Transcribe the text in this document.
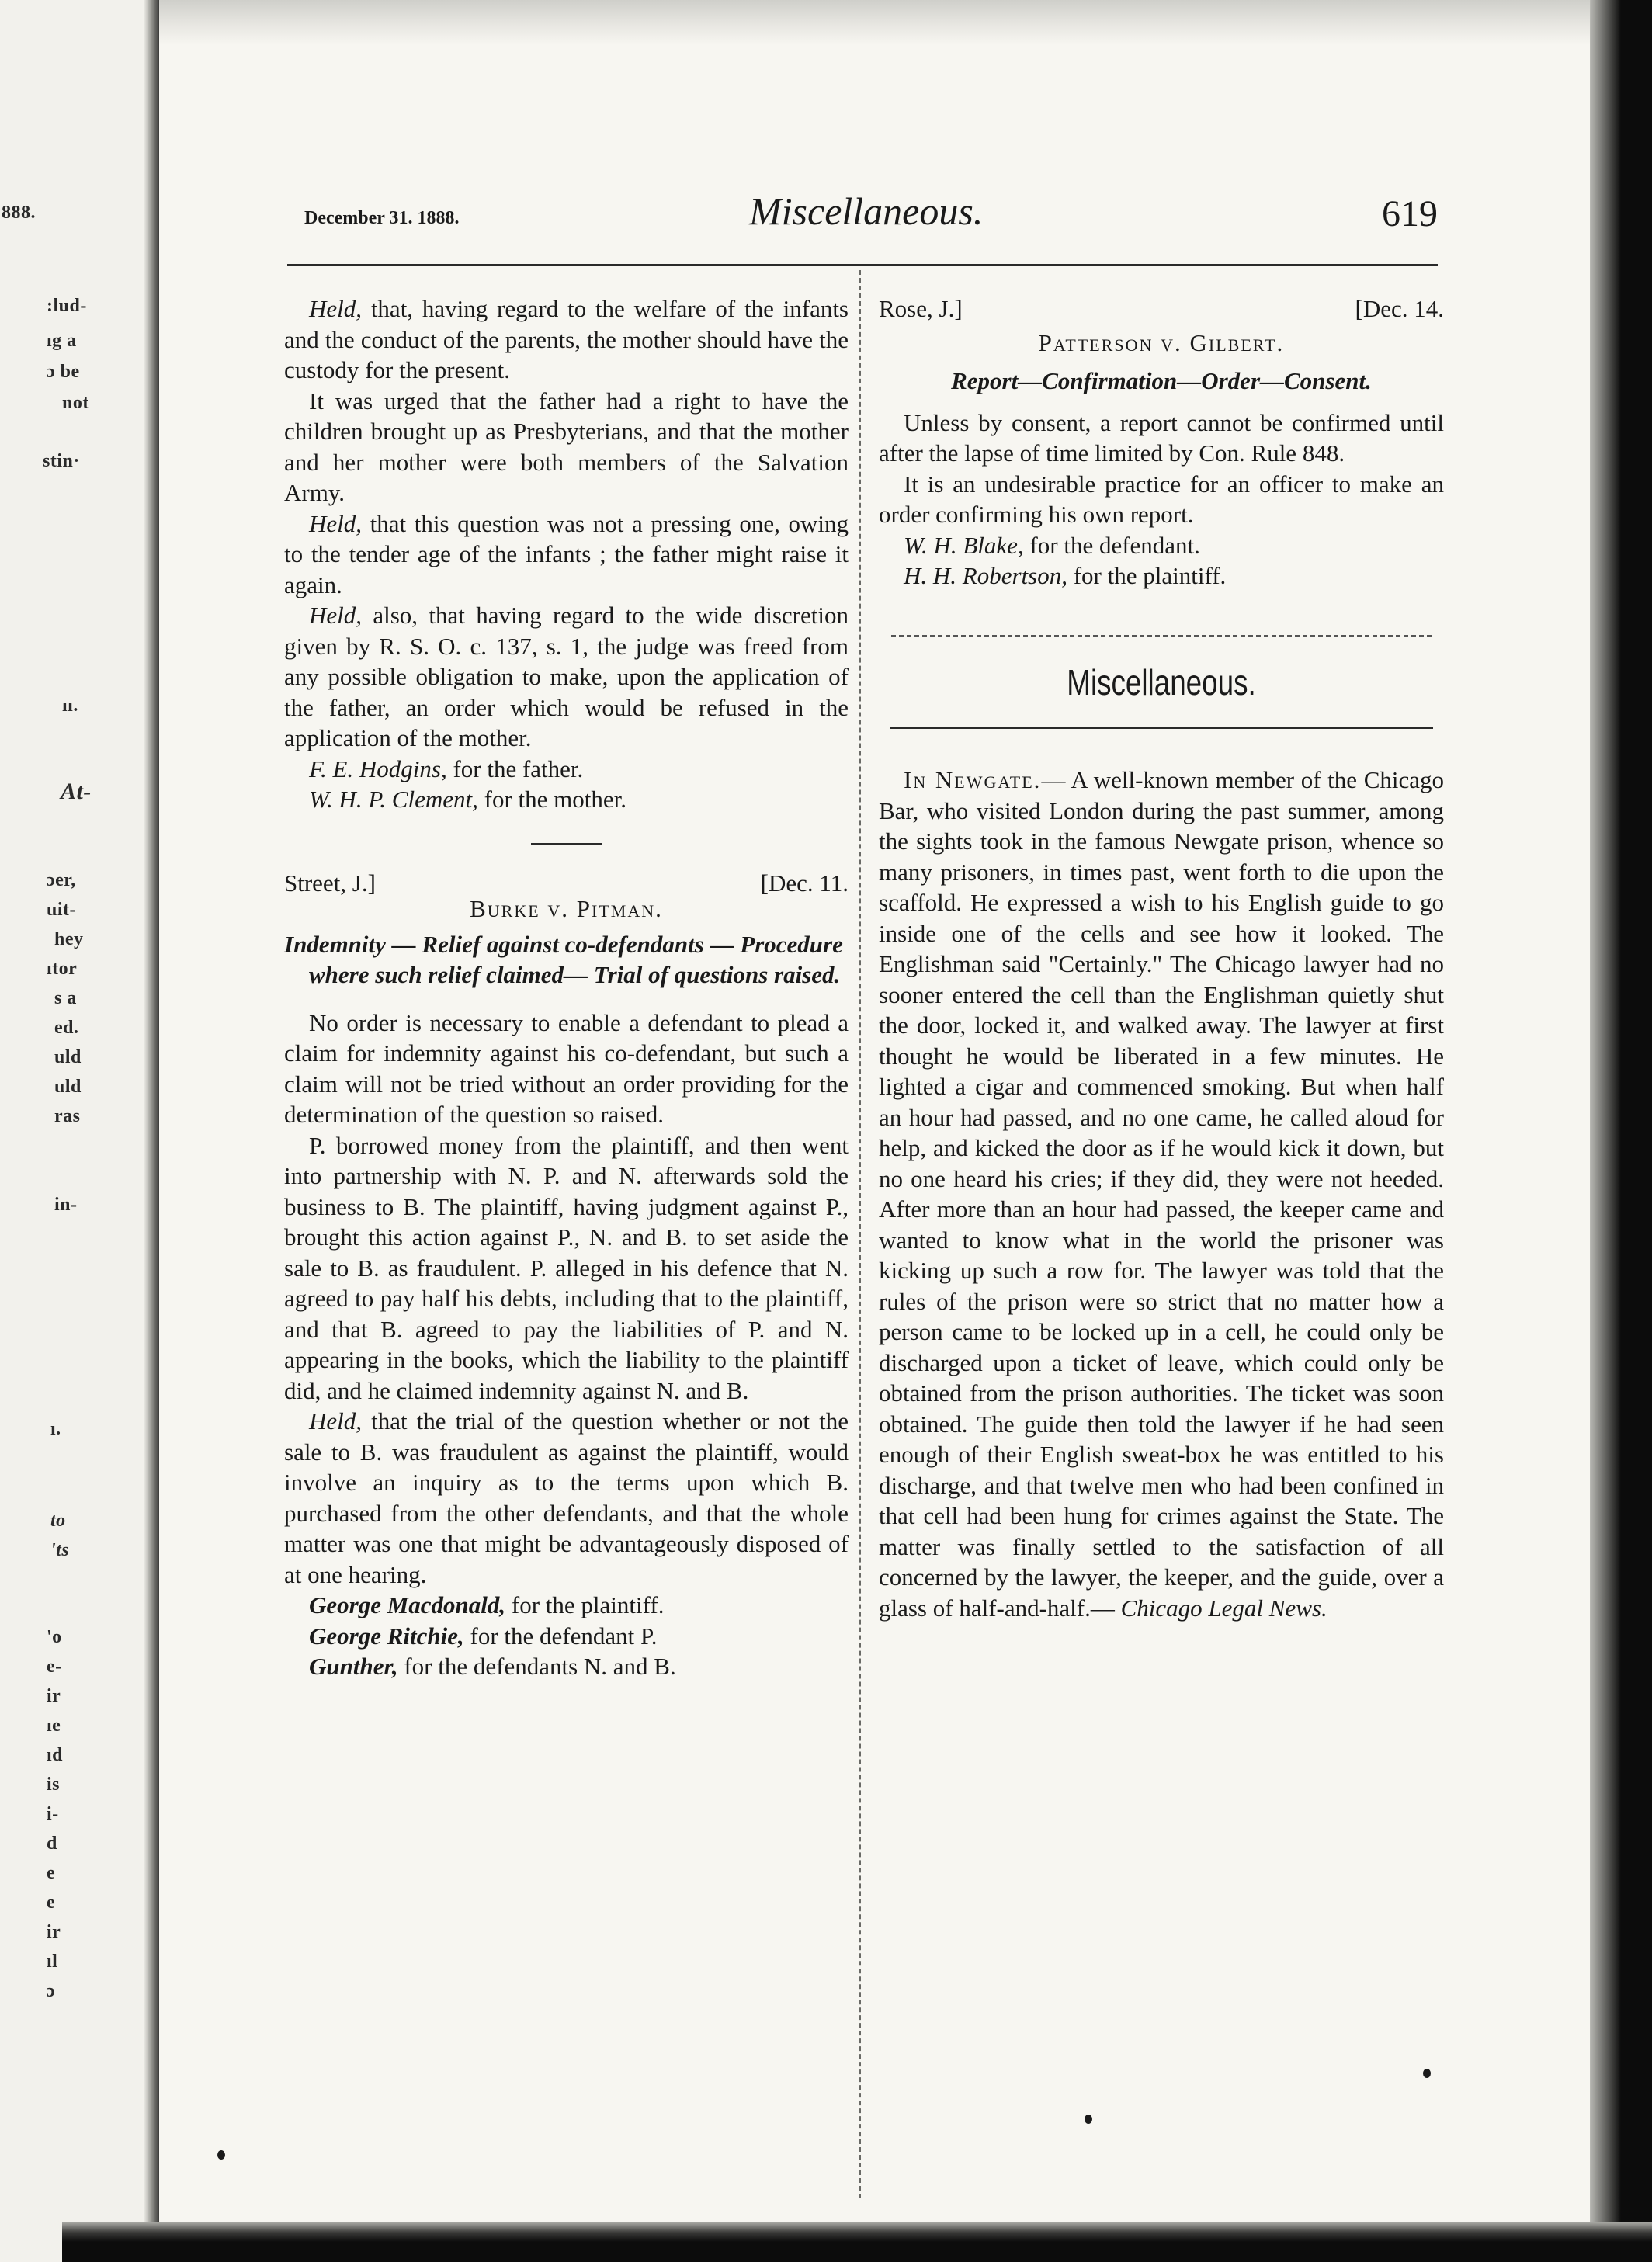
888.
:lud-
ıg a
ɔ be
not
stin·
ıı.
At-
ɔer,
uit-
hey
ıtor
s a
ed.
uld
uld
ras
in-
ı.
to
'ts
'o
e-
ir
ıe
ıd
is
i-
d
e
e
ir
ıl
ɔ
December 31. 1888.	Miscellaneous.	619

Held, that, having regard to the welfare of the infants and the conduct of the parents, the mother should have the custody for the present.

It was urged that the father had a right to have the children brought up as Presbyterians, and that the mother and her mother were both members of the Salvation Army.

Held, that this question was not a pressing one, owing to the tender age of the infants ; the father might raise it again.

Held, also, that having regard to the wide discretion given by R. S. O. c. 137, s. 1, the judge was freed from any possible obligation to make, upon the application of the father, an order which would be refused in the application of the mother.

F. E. Hodgins, for the father.

W. H. P. Clement, for the mother.

Street, J.]	[Dec. 11.

Burke v. Pitman.

Indemnity — Relief against co-defendants — Procedure where such relief claimed— Trial of questions raised.

No order is necessary to enable a defendant to plead a claim for indemnity against his co-defendant, but such a claim will not be tried without an order providing for the determination of the question so raised.

P. borrowed money from the plaintiff, and then went into partnership with N. P. and N. afterwards sold the business to B. The plaintiff, having judgment against P., brought this action against P., N. and B. to set aside the sale to B. as fraudulent. P. alleged in his defence that N. agreed to pay half his debts, including that to the plaintiff, and that B. agreed to pay the liabilities of P. and N. appearing in the books, which the liability to the plaintiff did, and he claimed indemnity against N. and B.

Held, that the trial of the question whether or not the sale to B. was fraudulent as against the plaintiff, would involve an inquiry as to the terms upon which B. purchased from the other defendants, and that the whole matter was one that might be advantageously disposed of at one hearing.

George Macdonald, for the plaintiff.

George Ritchie, for the defendant P.

Gunther, for the defendants N. and B.

Rose, J.]	[Dec. 14.

Patterson v. Gilbert.

Report—Confirmation—Order—Consent.

Unless by consent, a report cannot be confirmed until after the lapse of time limited by Con. Rule 848.

It is an undesirable practice for an officer to make an order confirming his own report.

W. H. Blake, for the defendant.

H. H. Robertson, for the plaintiff.

Miscellaneous.

In Newgate.— A well-known member of the Chicago Bar, who visited London during the past summer, among the sights took in the famous Newgate prison, whence so many prisoners, in times past, went forth to die upon the scaffold. He expressed a wish to his English guide to go inside one of the cells and see how it looked. The Englishman said "Certainly." The Chicago lawyer had no sooner entered the cell than the Englishman quietly shut the door, locked it, and walked away. The lawyer at first thought he would be liberated in a few minutes. He lighted a cigar and commenced smoking. But when half an hour had passed, and no one came, he called aloud for help, and kicked the door as if he would kick it down, but no one heard his cries; if they did, they were not heeded. After more than an hour had passed, the keeper came and wanted to know what in the world the prisoner was kicking up such a row for. The lawyer was told that the rules of the prison were so strict that no matter how a person came to be locked up in a cell, he could only be discharged upon a ticket of leave, which could only be obtained from the prison authorities. The ticket was soon obtained. The guide then told the lawyer if he had seen enough of their English sweat-box he was entitled to his discharge, and that twelve men who had been confined in that cell had been hung for crimes against the State. The matter was finally settled to the satisfaction of all concerned by the lawyer, the keeper, and the guide, over a glass of half-and-half.— Chicago Legal News.
